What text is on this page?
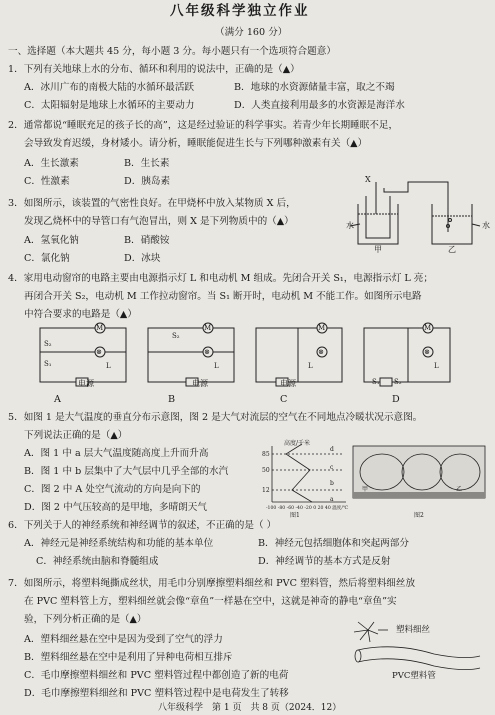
八年级科学独立作业
（满分 160 分）
一、选择题（本大题共 45 分，每小题 3 分。每小题只有一个选项符合题意）
1．下列有关地球上水的分布、循环和利用的说法中，正确的是（▲）
A．冰川广布的南极大陆的水循环最活跃	B．地球的水资源储量丰富，取之不竭
C．太阳辐射是地球上水循环的主要动力	D．人类直接利用最多的水资源是海洋水
2．通常都说“睡眠充足的孩子长的高”，这是经过验证的科学事实。若青少年长期睡眠不足，
会导致发育迟缓，身材矮小。请分析，睡眠能促进生长与下列哪种激素有关（▲）
A．生长激素	B．生长素
C．性激素	D．胰岛素
3．如图所示，该装置的气密性良好。在甲烧杯中放入某物质 X 后，
发现乙烧杯中的导管口有气泡冒出，则 X 是下列物质中的（▲）
A．氢氧化钠	B．硝酸铵
C．氯化钠	D．冰块
X
水	水
甲	乙
4．家用电动窗帘的电路主要由电源指示灯 L 和电动机 M 组成。先闭合开关 S₁，电源指示灯 L 亮；
再闭合开关 S₂，电动机 M 工作拉动窗帘。当 S₁ 断开时，电动机 M 不能工作。如图所示电路
中符合要求的电路是（▲）
M
⊗
M
⊗
M
⊗
M
⊗
S₂
S₁	L
S₂
L	L	L
S₁ S₂
电源	电源	电源
A	B	C	D
5．如图 1 是大气温度的垂直分布示意图，图 2 是大气对流层的空气在不同地点冷暖状况示意图。
下列说法正确的是（▲）
A．图 1 中 a 层大气温度随高度上升而升高
B．图 1 中 b 层集中了大气层中几乎全部的水汽
C．图 2 中 A 处空气流动的方向是向下的
D．图 2 中气压较高的是甲地，多晴朗天气
高度/千米
85
50
12
d
c
b
a
-100 -80 -60 -40 -20 0 20 40 温度/℃
图1
甲	乙
图2
6．下列关于人的神经系统和神经调节的叙述，不正确的是（ ）
A．神经元是神经系统结构和功能的基本单位	B．神经元包括细胞体和突起两部分
C．神经系统由脑和脊髓组成	D．神经调节的基本方式是反射
7．如图所示，将塑料绳撕成丝状，用毛巾分别摩擦塑料细丝和 PVC 塑料管，然后将塑料细丝放
在 PVC 塑料管上方，塑料细丝就会像“章鱼”一样悬在空中，这就是神奇的静电“章鱼”实
验，下列分析正确的是（▲）
A．塑料细丝悬在空中是因为受到了空气的浮力
B．塑料细丝悬在空中是利用了异种电荷相互排斥
C．毛巾摩擦塑料细丝和 PVC 塑料管过程中都创造了新的电荷
D．毛巾摩擦塑料细丝和 PVC 塑料管过程中是电荷发生了转移
塑料细丝
PVC塑料管
八年级科学　第 1 页　共 8 页（2024．12）
